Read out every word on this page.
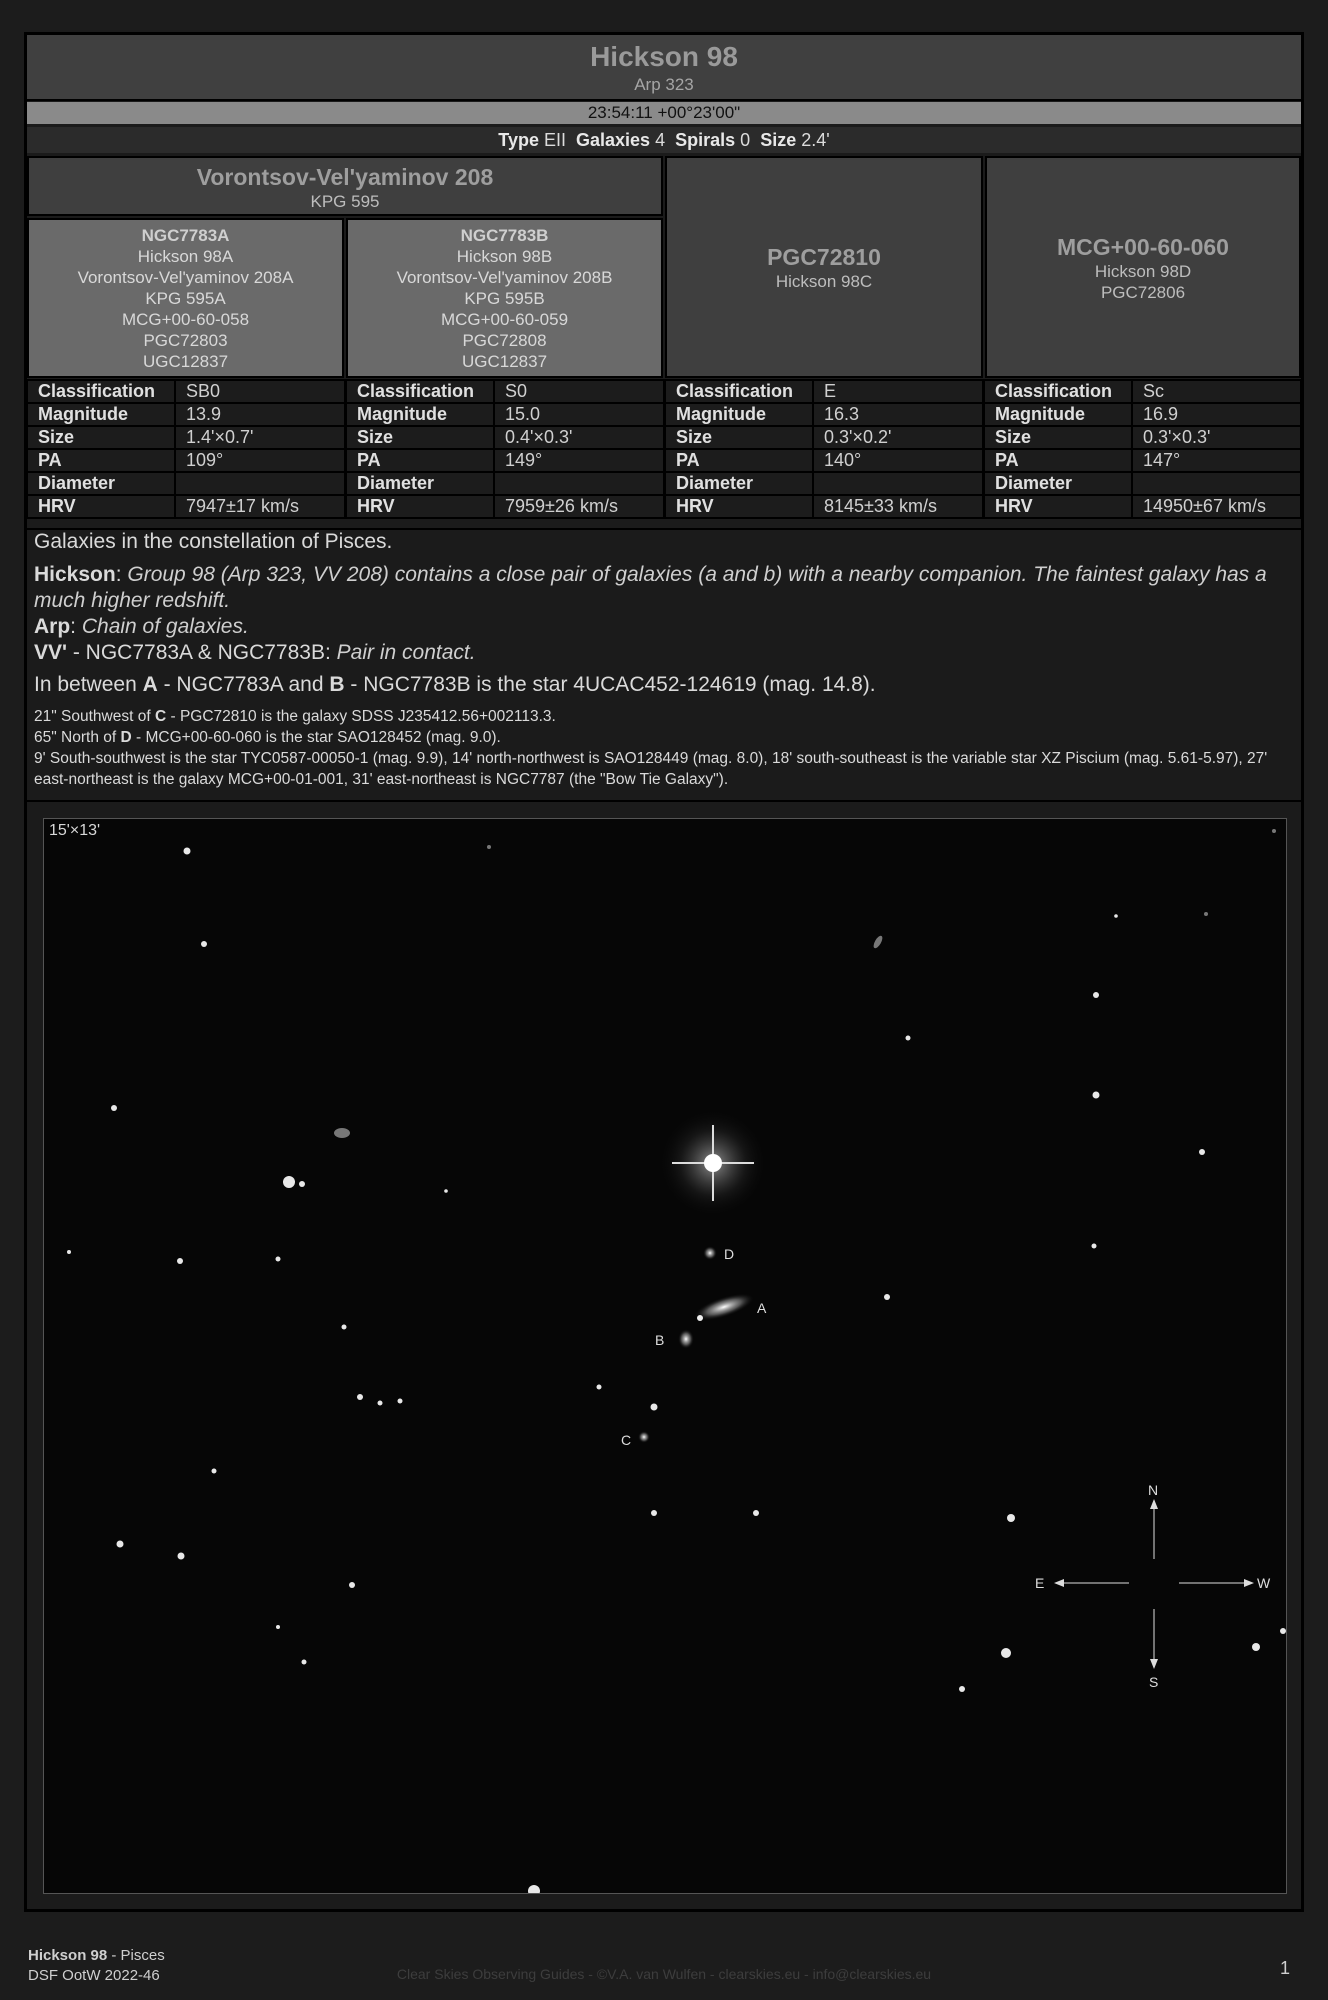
Hickson 98
Arp 323
23:54:11 +00°23'00"
Type EII Galaxies 4 Spirals 0 Size 2.4'
Vorontsov-Vel'yaminov 208
KPG 595
NGC7783A
Hickson 98A
Vorontsov-Vel'yaminov 208A
KPG 595A
MCG+00-60-058
PGC72803
UGC12837
NGC7783B
Hickson 98B
Vorontsov-Vel'yaminov 208B
KPG 595B
MCG+00-60-059
PGC72808
UGC12837
PGC72810
Hickson 98C
MCG+00-60-060
Hickson 98D
PGC72806
Classification	SB0
Magnitude	13.9
Size	1.4'×0.7'
PA	109°
Diameter	
HRV	7947±17 km/s
Classification	S0
Magnitude	15.0
Size	0.4'×0.3'
PA	149°
Diameter	
HRV	7959±26 km/s
Classification	E
Magnitude	16.3
Size	0.3'×0.2'
PA	140°
Diameter	
HRV	8145±33 km/s
Classification	Sc
Magnitude	16.9
Size	0.3'×0.3'
PA	147°
Diameter	
HRV	14950±67 km/s
Galaxies in the constellation of Pisces.
Hickson: Group 98 (Arp 323, VV 208) contains a close pair of galaxies (a and b) with a nearby companion. The faintest galaxy has a much higher redshift.
Arp: Chain of galaxies.
VV' - NGC7783A & NGC7783B: Pair in contact.
In between A - NGC7783A and B - NGC7783B is the star 4UCAC452-124619 (mag. 14.8).
21" Southwest of C - PGC72810 is the galaxy SDSS J235412.56+002113.3.
65" North of D - MCG+00-60-060 is the star SAO128452 (mag. 9.0).
9' South-southwest is the star TYC0587-00050-1 (mag. 9.9), 14' north-northwest is SAO128449 (mag. 8.0), 18' south-southeast is the variable star XZ Piscium (mag. 5.61-5.97), 27' east-northeast is the galaxy MCG+00-01-001, 31' east-northeast is NGC7787 (the "Bow Tie Galaxy").
A
B
C
D
N
S
E	W
15'×13'
Hickson 98 - Pisces
DSF OotW 2022-46	Clear Skies Observing Guides - ©V.A. van Wulfen - clearskies.eu - info@clearskies.eu	1
